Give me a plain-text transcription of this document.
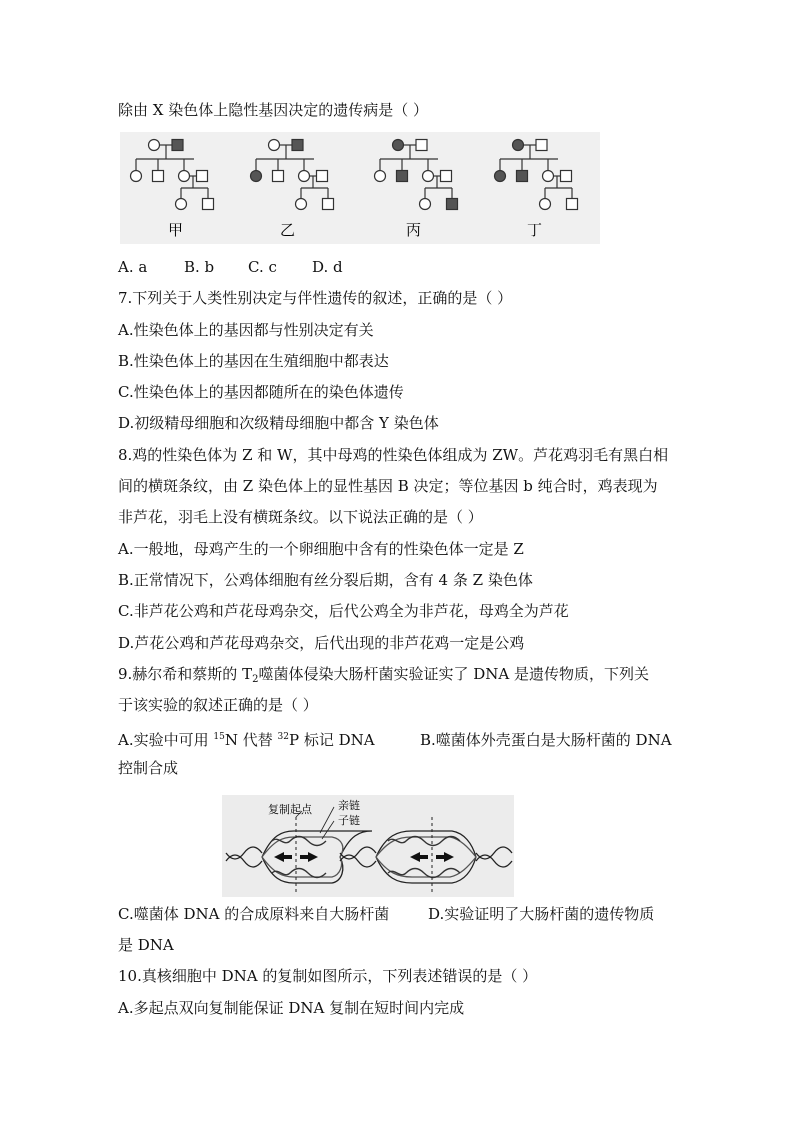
除由 X 染色体上隐性基因决定的遗传病是（ ）
甲	乙	丙	丁
A. a B. b C. c D. d
7.下列关于人类性别决定与伴性遗传的叙述，正确的是（ ）
A.性染色体上的基因都与性别决定有关
B.性染色体上的基因在生殖细胞中都表达
C.性染色体上的基因都随所在的染色体遗传
D.初级精母细胞和次级精母细胞中都含 Y 染色体
8.鸡的性染色体为 Z 和 W，其中母鸡的性染色体组成为 ZW。芦花鸡羽毛有黑白相
间的横斑条纹，由 Z 染色体上的显性基因 B 决定；等位基因 b 纯合时，鸡表现为
非芦花，羽毛上没有横斑条纹。以下说法正确的是（ ）
A.一般地，母鸡产生的一个卵细胞中含有的性染色体一定是 Z
B.正常情况下，公鸡体细胞有丝分裂后期，含有 4 条 Z 染色体
C.非芦花公鸡和芦花母鸡杂交，后代公鸡全为非芦花，母鸡全为芦花
D.芦花公鸡和芦花母鸡杂交，后代出现的非芦花鸡一定是公鸡
9.赫尔希和蔡斯的 $T_2$噬菌体侵染大肠杆菌实验证实了 DNA 是遗传物质，下列关
于该实验的叙述正确的是（ ）
A.实验中可用 $^{15}$N 代替 $^{32}$P 标记 DNA	B.噬菌体外壳蛋白是大肠杆菌的 DNA
控制合成
复制起点 亲链
子链
C.噬菌体 DNA 的合成原料来自大肠杆菌	D.实验证明了大肠杆菌的遗传物质
是 DNA
10.真核细胞中 DNA 的复制如图所示，下列表述错误的是（ ）
A.多起点双向复制能保证 DNA 复制在短时间内完成
